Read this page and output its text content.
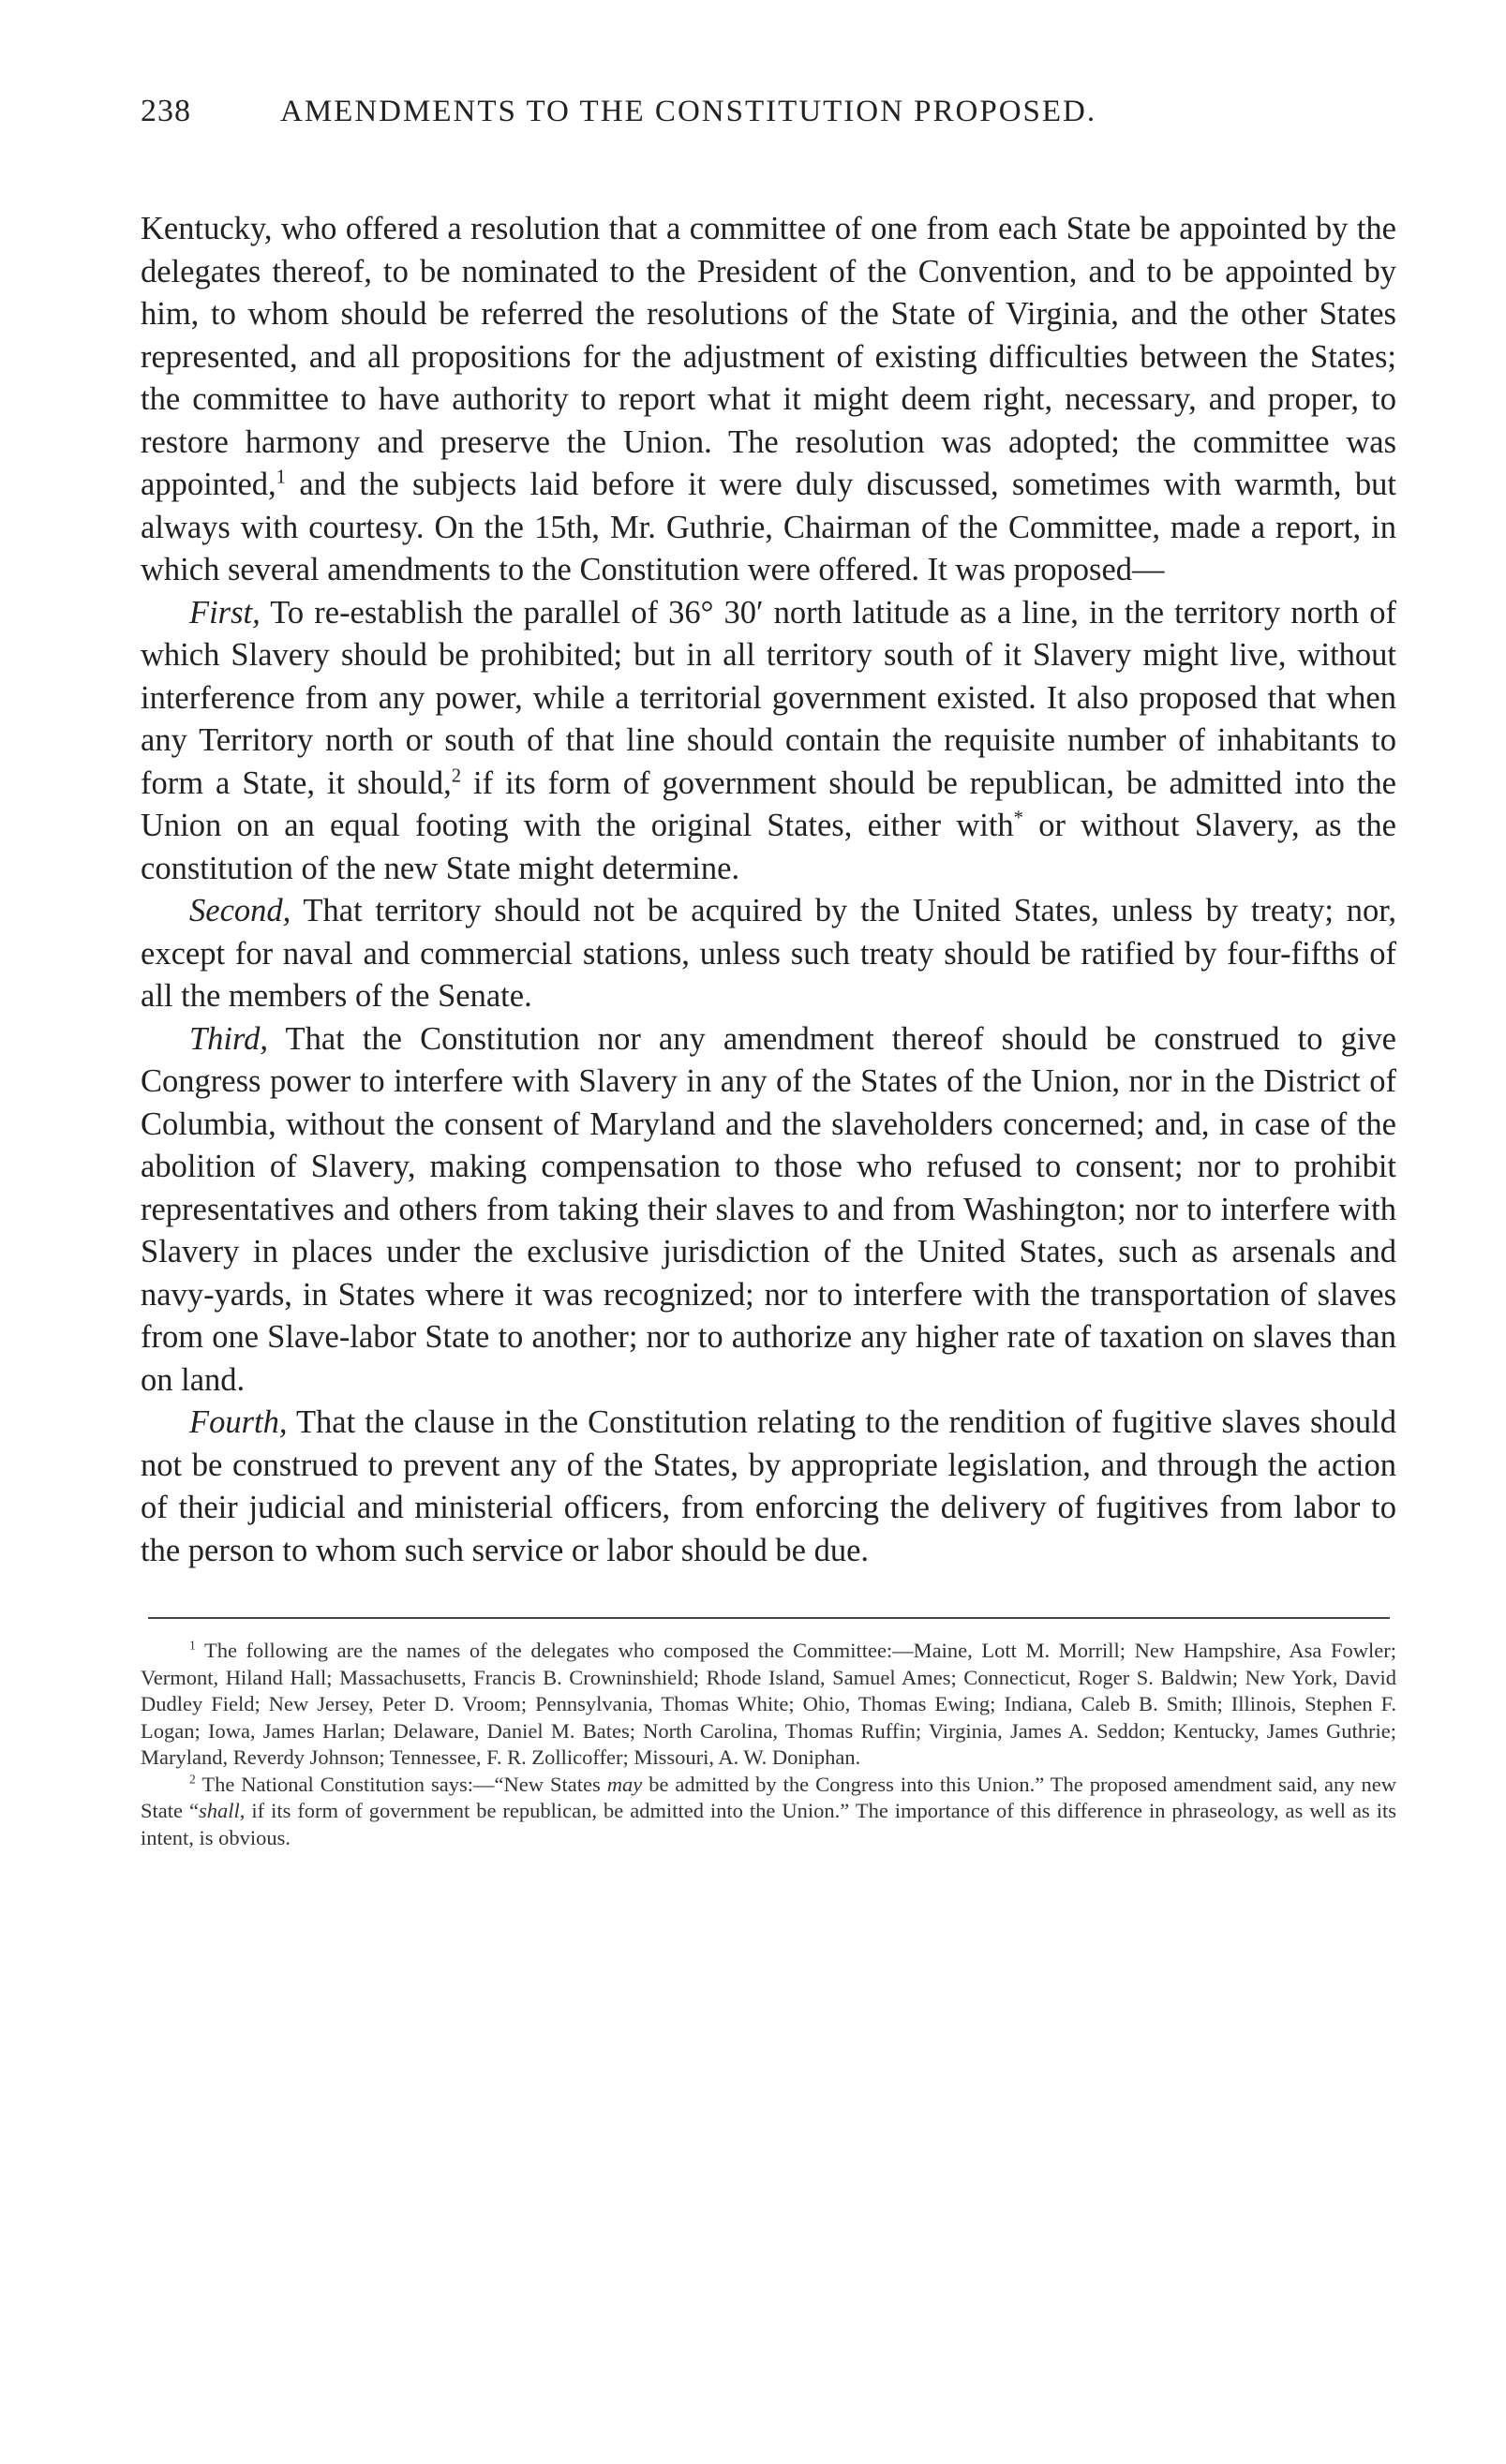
238	AMENDMENTS TO THE CONSTITUTION PROPOSED.

Kentucky, who offered a resolution that a committee of one from each State be appointed by the delegates thereof, to be nominated to the President of the Convention, and to be appointed by him, to whom should be referred the resolutions of the State of Virginia, and the other States represented, and all propositions for the adjustment of existing difficulties between the States; the committee to have authority to report what it might deem right, necessary, and proper, to restore harmony and preserve the Union. The resolution was adopted; the committee was appointed,$^1$ and the subjects laid before it were duly discussed, sometimes with warmth, but always with courtesy. On the 15th, Mr. Guthrie, Chairman of the Committee, made a report, in which several amendments to the Constitution were offered. It was proposed—

First, To re-establish the parallel of 36° 30′ north latitude as a line, in the territory north of which Slavery should be prohibited; but in all territory south of it Slavery might live, without interference from any power, while a territorial government existed. It also proposed that when any Territory north or south of that line should contain the requisite number of inhabitants to form a State, it should,$^2$ if its form of government should be republican, be admitted into the Union on an equal footing with the original States, either with* or without Slavery, as the constitution of the new State might determine.

Second, That territory should not be acquired by the United States, unless by treaty; nor, except for naval and commercial stations, unless such treaty should be ratified by four-fifths of all the members of the Senate.

Third, That the Constitution nor any amendment thereof should be construed to give Congress power to interfere with Slavery in any of the States of the Union, nor in the District of Columbia, without the consent of Maryland and the slaveholders concerned; and, in case of the abolition of Slavery, making compensation to those who refused to consent; nor to prohibit representatives and others from taking their slaves to and from Washington; nor to interfere with Slavery in places under the exclusive jurisdiction of the United States, such as arsenals and navy-yards, in States where it was recognized; nor to interfere with the transportation of slaves from one Slave-labor State to another; nor to authorize any higher rate of taxation on slaves than on land.

Fourth, That the clause in the Constitution relating to the rendition of fugitive slaves should not be construed to prevent any of the States, by appropriate legislation, and through the action of their judicial and ministerial officers, from enforcing the delivery of fugitives from labor to the person to whom such service or labor should be due.

$^1$ The following are the names of the delegates who composed the Committee:—Maine, Lott M. Morrill; New Hampshire, Asa Fowler; Vermont, Hiland Hall; Massachusetts, Francis B. Crowninshield; Rhode Island, Samuel Ames; Connecticut, Roger S. Baldwin; New York, David Dudley Field; New Jersey, Peter D. Vroom; Pennsylvania, Thomas White; Ohio, Thomas Ewing; Indiana, Caleb B. Smith; Illinois, Stephen F. Logan; Iowa, James Harlan; Delaware, Daniel M. Bates; North Carolina, Thomas Ruffin; Virginia, James A. Seddon; Kentucky, James Guthrie; Maryland, Reverdy Johnson; Tennessee, F. R. Zollicoffer; Missouri, A. W. Doniphan.

$^2$ The National Constitution says:—“New States may be admitted by the Congress into this Union.” The proposed amendment said, any new State “shall, if its form of government be republican, be admitted into the Union.” The importance of this difference in phraseology, as well as its intent, is obvious.
